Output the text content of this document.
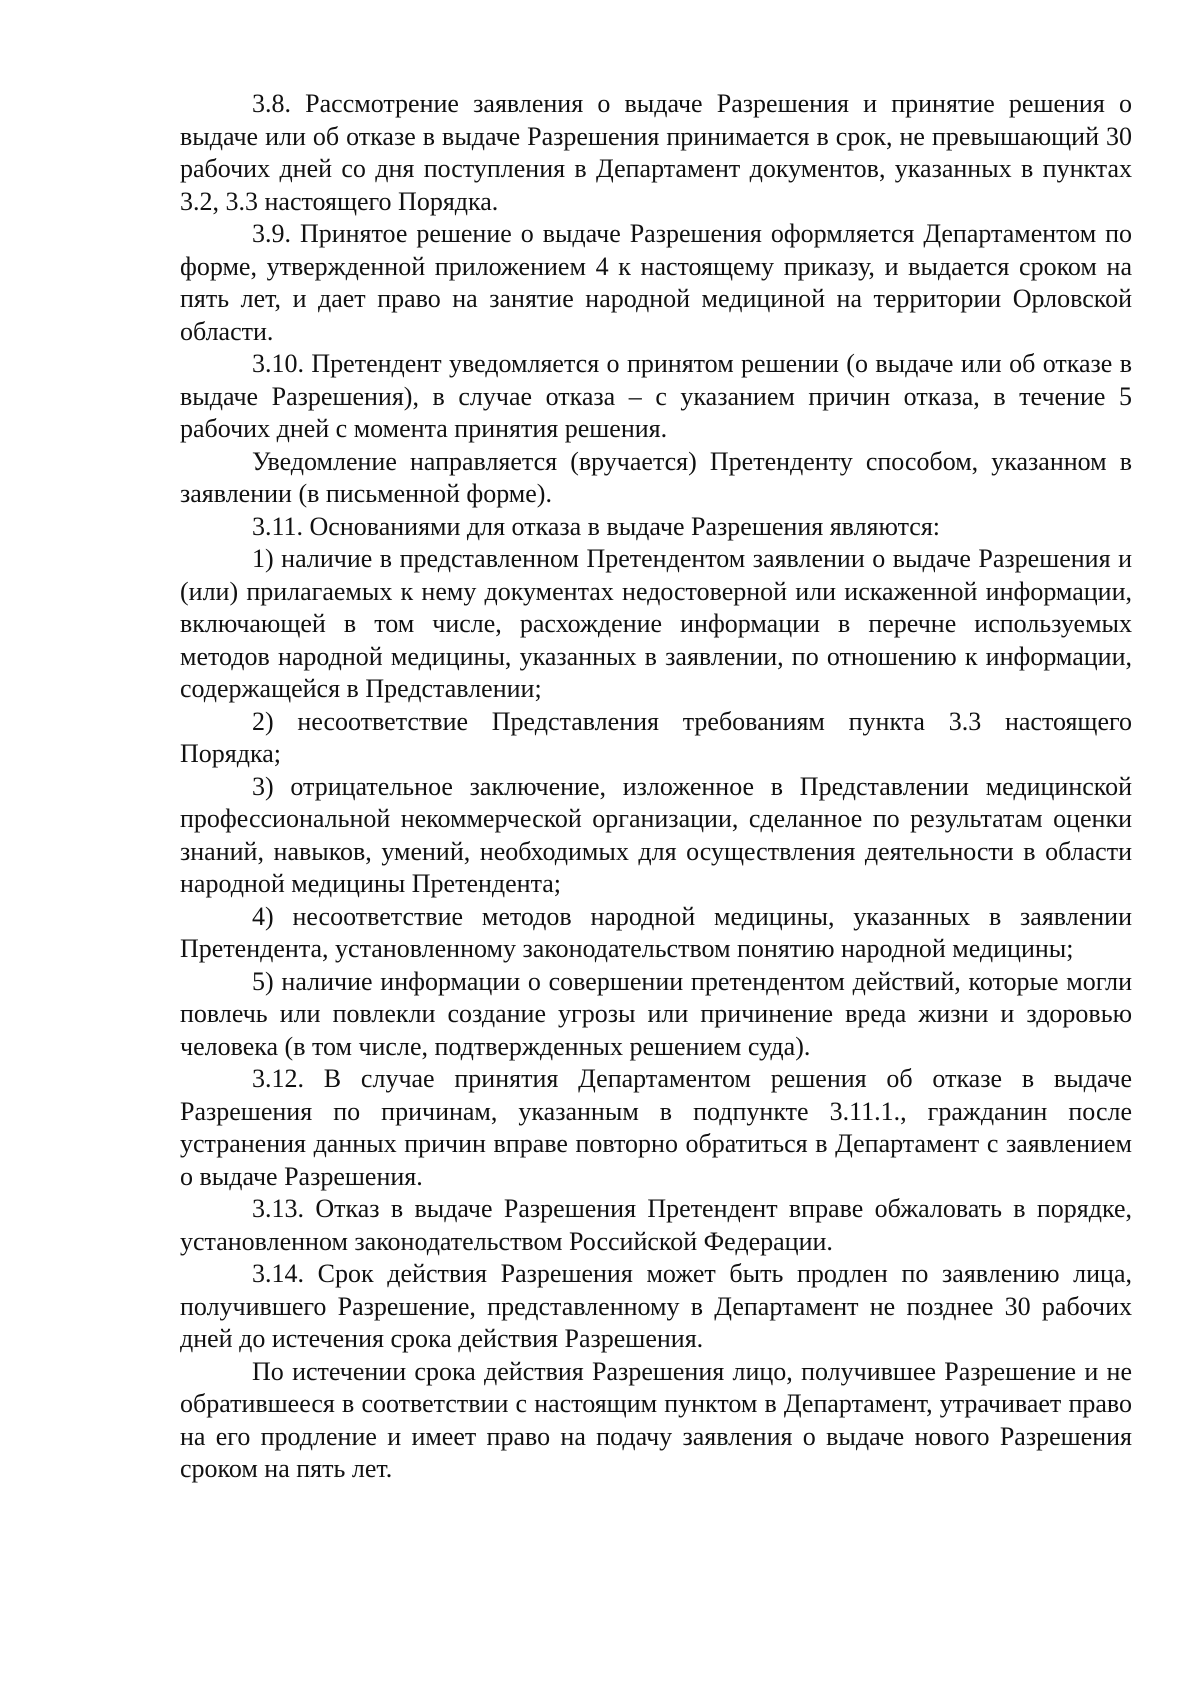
3.8. Рассмотрение заявления о выдаче Разрешения и принятие решения о выдаче или об отказе в выдаче Разрешения принимается в срок, не превышающий 30 рабочих дней со дня поступления в Департамент документов, указанных в пунктах 3.2, 3.3 настоящего Порядка.

3.9. Принятое решение о выдаче Разрешения оформляется Департаментом по форме, утвержденной приложением 4 к настоящему приказу, и выдается сроком на пять лет, и дает право на занятие народной медициной на территории Орловской области.

3.10. Претендент уведомляется о принятом решении (о выдаче или об отказе в выдаче Разрешения), в случае отказа – с указанием причин отказа, в течение 5 рабочих дней с момента принятия решения.

Уведомление направляется (вручается) Претенденту способом, указанном в заявлении (в письменной форме).

3.11. Основаниями для отказа в выдаче Разрешения являются:

1) наличие в представленном Претендентом заявлении о выдаче Разрешения и (или) прилагаемых к нему документах недостоверной или искаженной информации, включающей в том числе, расхождение информации в перечне используемых методов народной медицины, указанных в заявлении, по отношению к информации, содержащейся в Представлении;

2) несоответствие Представления требованиям пункта 3.3 настоящего Порядка;

3) отрицательное заключение, изложенное в Представлении медицинской профессиональной некоммерческой организации, сделанное по результатам оценки знаний, навыков, умений, необходимых для осуществления деятельности в области народной медицины Претендента;

4) несоответствие методов народной медицины, указанных в заявлении Претендента, установленному законодательством понятию народной медицины;

5) наличие информации о совершении претендентом действий, которые могли повлечь или повлекли создание угрозы или причинение вреда жизни и здоровью человека (в том числе, подтвержденных решением суда).

3.12. В случае принятия Департаментом решения об отказе в выдаче Разрешения по причинам, указанным в подпункте 3.11.1., гражданин после устранения данных причин вправе повторно обратиться в Департамент с заявлением о выдаче Разрешения.

3.13. Отказ в выдаче Разрешения Претендент вправе обжаловать в порядке, установленном законодательством Российской Федерации.

3.14. Срок действия Разрешения может быть продлен по заявлению лица, получившего Разрешение, представленному в Департамент не позднее 30 рабочих дней до истечения срока действия Разрешения.

По истечении срока действия Разрешения лицо, получившее Разрешение и не обратившееся в соответствии с настоящим пунктом в Департамент, утрачивает право на его продление и имеет право на подачу заявления о выдаче нового Разрешения сроком на пять лет.
